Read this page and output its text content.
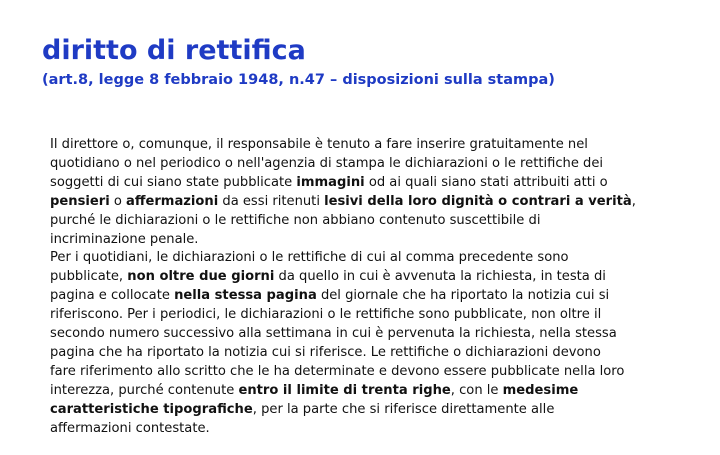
diritto di rettifica
(art.8, legge 8 febbraio 1948, n.47 – disposizioni sulla stampa)
Il direttore o, comunque, il responsabile è tenuto a fare inserire gratuitamente nel
quotidiano o nel periodico o nell'agenzia di stampa le dichiarazioni o le rettifiche dei
soggetti di cui siano state pubblicate immagini od ai quali siano stati attribuiti atti o
pensieri o affermazioni da essi ritenuti lesivi della loro dignità o contrari a verità,
purché le dichiarazioni o le rettifiche non abbiano contenuto suscettibile di
incriminazione penale.
Per i quotidiani, le dichiarazioni o le rettifiche di cui al comma precedente sono
pubblicate, non oltre due giorni da quello in cui è avvenuta la richiesta, in testa di
pagina e collocate nella stessa pagina del giornale che ha riportato la notizia cui si
riferiscono. Per i periodici, le dichiarazioni o le rettifiche sono pubblicate, non oltre il
secondo numero successivo alla settimana in cui è pervenuta la richiesta, nella stessa
pagina che ha riportato la notizia cui si riferisce. Le rettifiche o dichiarazioni devono
fare riferimento allo scritto che le ha determinate e devono essere pubblicate nella loro
interezza, purché contenute entro il limite di trenta righe, con le medesime
caratteristiche tipografiche, per la parte che si riferisce direttamente alle
affermazioni contestate.
